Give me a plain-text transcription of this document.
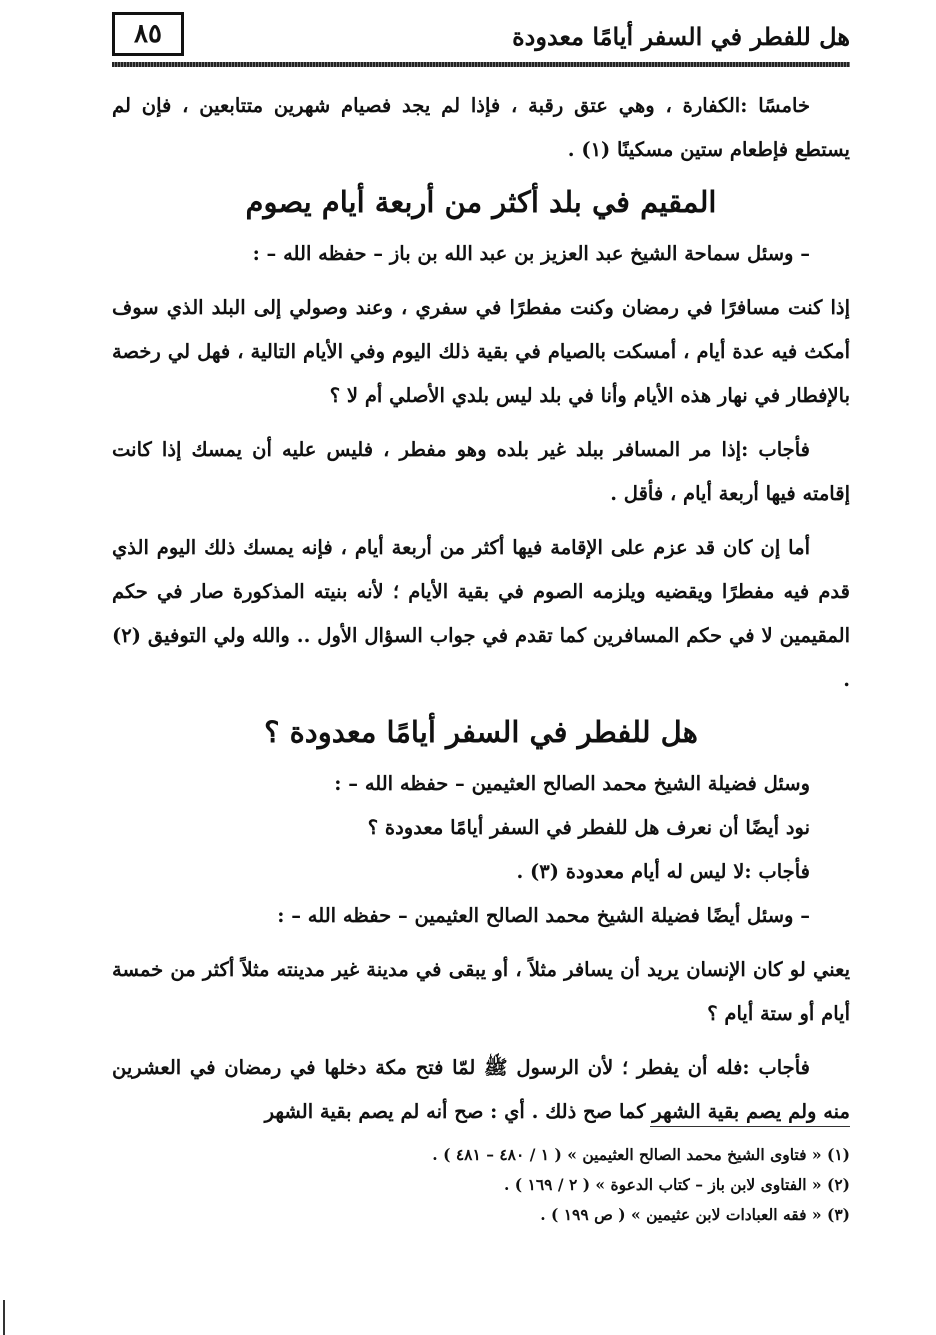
٨٥	هل للفطر في السفر أيامًا معدودة

خامسًا :الكفارة ، وهي عتق رقبة ، فإذا لم يجد فصيام شهرين متتابعين ، فإن لم يستطع فإطعام ستين مسكينًا (١) .

المقيم في بلد أكثر من أربعة أيام يصوم

– وسئل سماحة الشيخ عبد العزيز بن عبد الله بن باز – حفظه الله – :

إذا كنت مسافرًا في رمضان وكنت مفطرًا في سفري ، وعند وصولي إلى البلد الذي سوف أمكث فيه عدة أيام ، أمسكت بالصيام في بقية ذلك اليوم وفي الأيام التالية ، فهل لي رخصة بالإفطار في نهار هذه الأيام وأنا في بلد ليس بلدي الأصلي أم لا ؟

فأجاب :إذا مر المسافر ببلد غير بلده وهو مفطر ، فليس عليه أن يمسك إذا كانت إقامته فيها أربعة أيام ، فأقل .

أما إن كان قد عزم على الإقامة فيها أكثر من أربعة أيام ، فإنه يمسك ذلك اليوم الذي قدم فيه مفطرًا ويقضيه ويلزمه الصوم في بقية الأيام ؛ لأنه بنيته المذكورة صار في حكم المقيمين لا في حكم المسافرين كما تقدم في جواب السؤال الأول .. والله ولي التوفيق (٢) .

هل للفطر في السفر أيامًا معدودة ؟

وسئل فضيلة الشيخ محمد الصالح العثيمين – حفظه الله – :

نود أيضًا أن نعرف هل للفطر في السفر أيامًا معدودة ؟

فأجاب :لا ليس له أيام معدودة (٣) .

– وسئل أيضًا فضيلة الشيخ محمد الصالح العثيمين – حفظه الله – :

يعني لو كان الإنسان يريد أن يسافر مثلاً ، أو يبقى في مدينة غير مدينته مثلاً أكثر من خمسة أيام أو ستة أيام ؟

فأجاب :فله أن يفطر ؛ لأن الرسول ﷺ لمّا فتح مكة دخلها في رمضان في العشرين منه ولم يصم بقية الشهر كما صح ذلك . أي : صح أنه لم يصم بقية الشهر

(١) « فتاوى الشيخ محمد الصالح العثيمين » ( ١ / ٤٨٠ – ٤٨١ ) .

(٢) « الفتاوى لابن باز – كتاب الدعوة » ( ٢ / ١٦٩ ) .

(٣) « فقه العبادات لابن عثيمين » ( ص ١٩٩ ) .
